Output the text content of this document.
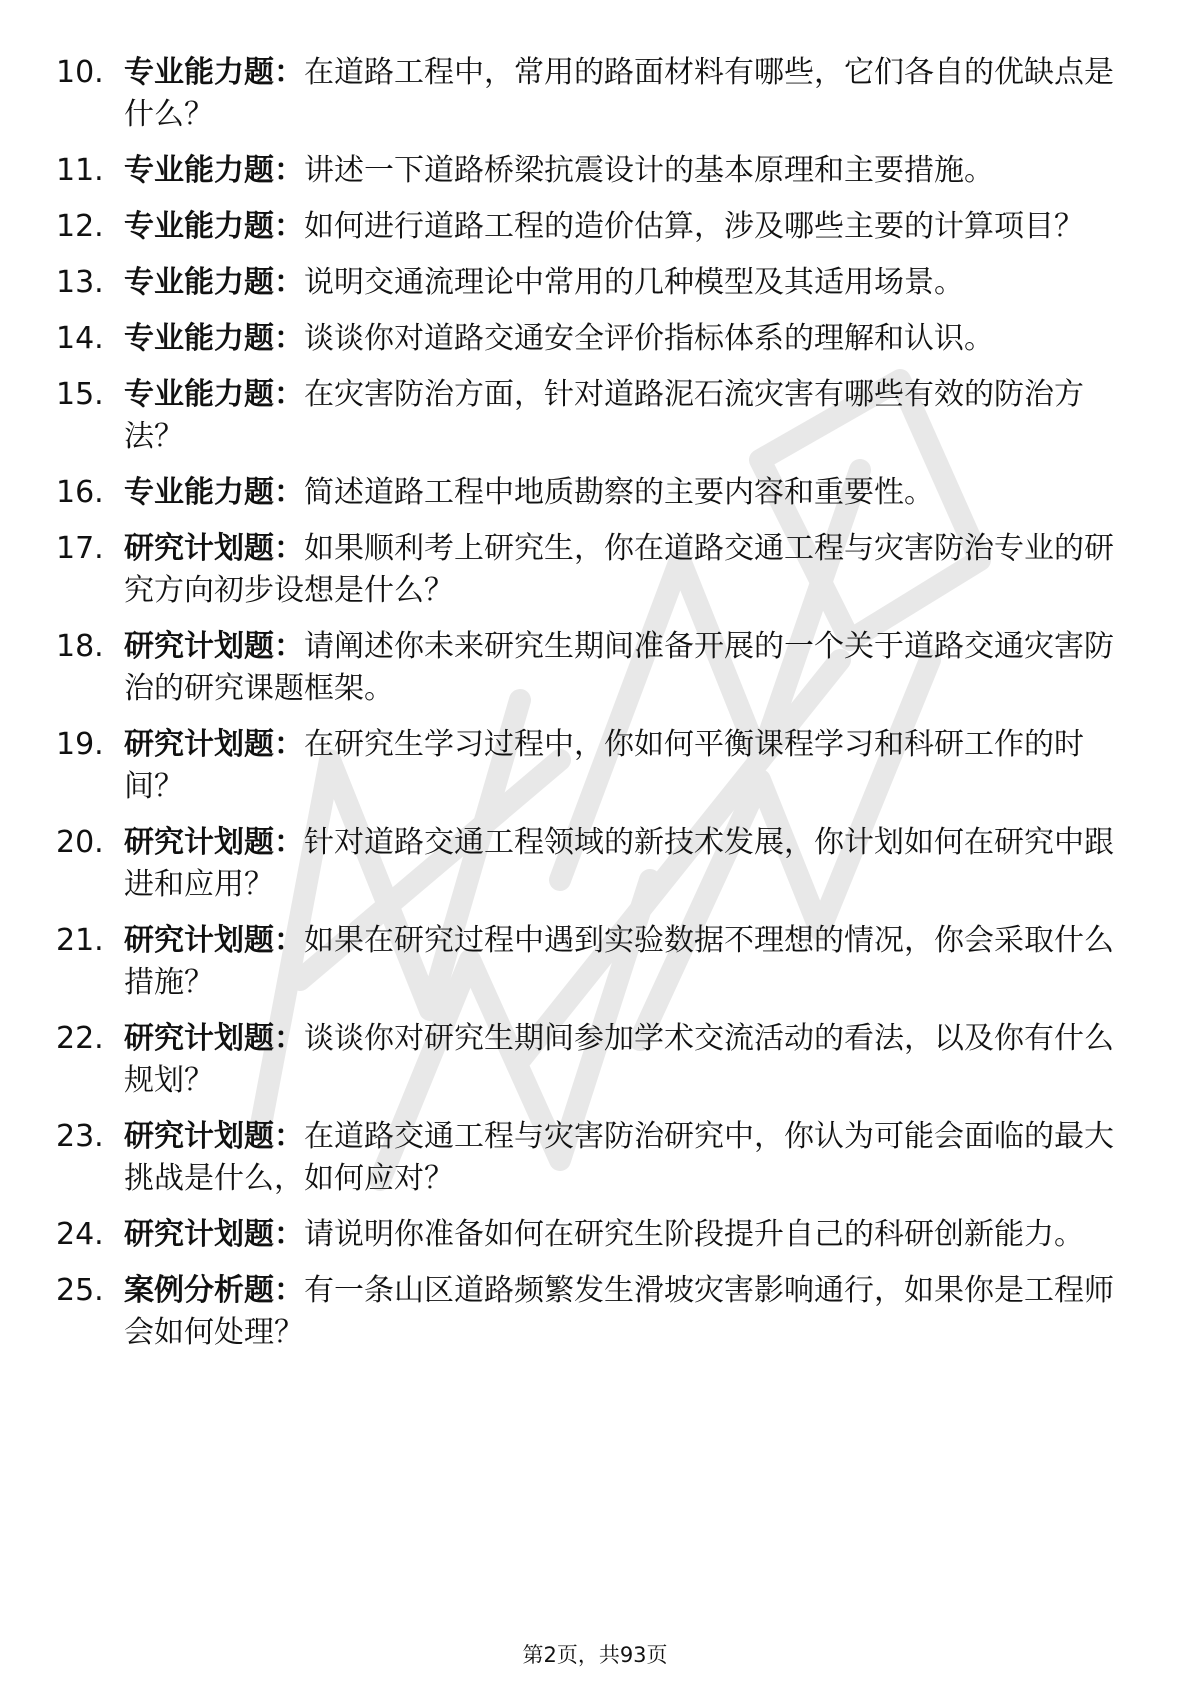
10. 专业能力题：在道路工程中，常用的路面材料有哪些，它们各自的优缺点是什么？
11. 专业能力题：讲述一下道路桥梁抗震设计的基本原理和主要措施。
12. 专业能力题：如何进行道路工程的造价估算，涉及哪些主要的计算项目？
13. 专业能力题：说明交通流理论中常用的几种模型及其适用场景。
14. 专业能力题：谈谈你对道路交通安全评价指标体系的理解和认识。
15. 专业能力题：在灾害防治方面，针对道路泥石流灾害有哪些有效的防治方法？
16. 专业能力题：简述道路工程中地质勘察的主要内容和重要性。
17. 研究计划题：如果顺利考上研究生，你在道路交通工程与灾害防治专业的研究方向初步设想是什么？
18. 研究计划题：请阐述你未来研究生期间准备开展的一个关于道路交通灾害防治的研究课题框架。
19. 研究计划题：在研究生学习过程中，你如何平衡课程学习和科研工作的时间？
20. 研究计划题：针对道路交通工程领域的新技术发展，你计划如何在研究中跟进和应用？
21. 研究计划题：如果在研究过程中遇到实验数据不理想的情况，你会采取什么措施？
22. 研究计划题：谈谈你对研究生期间参加学术交流活动的看法，以及你有什么规划？
23. 研究计划题：在道路交通工程与灾害防治研究中，你认为可能会面临的最大挑战是什么，如何应对？
24. 研究计划题：请说明你准备如何在研究生阶段提升自己的科研创新能力。
25. 案例分析题：有一条山区道路频繁发生滑坡灾害影响通行，如果你是工程师会如何处理？
第2页，共93页
